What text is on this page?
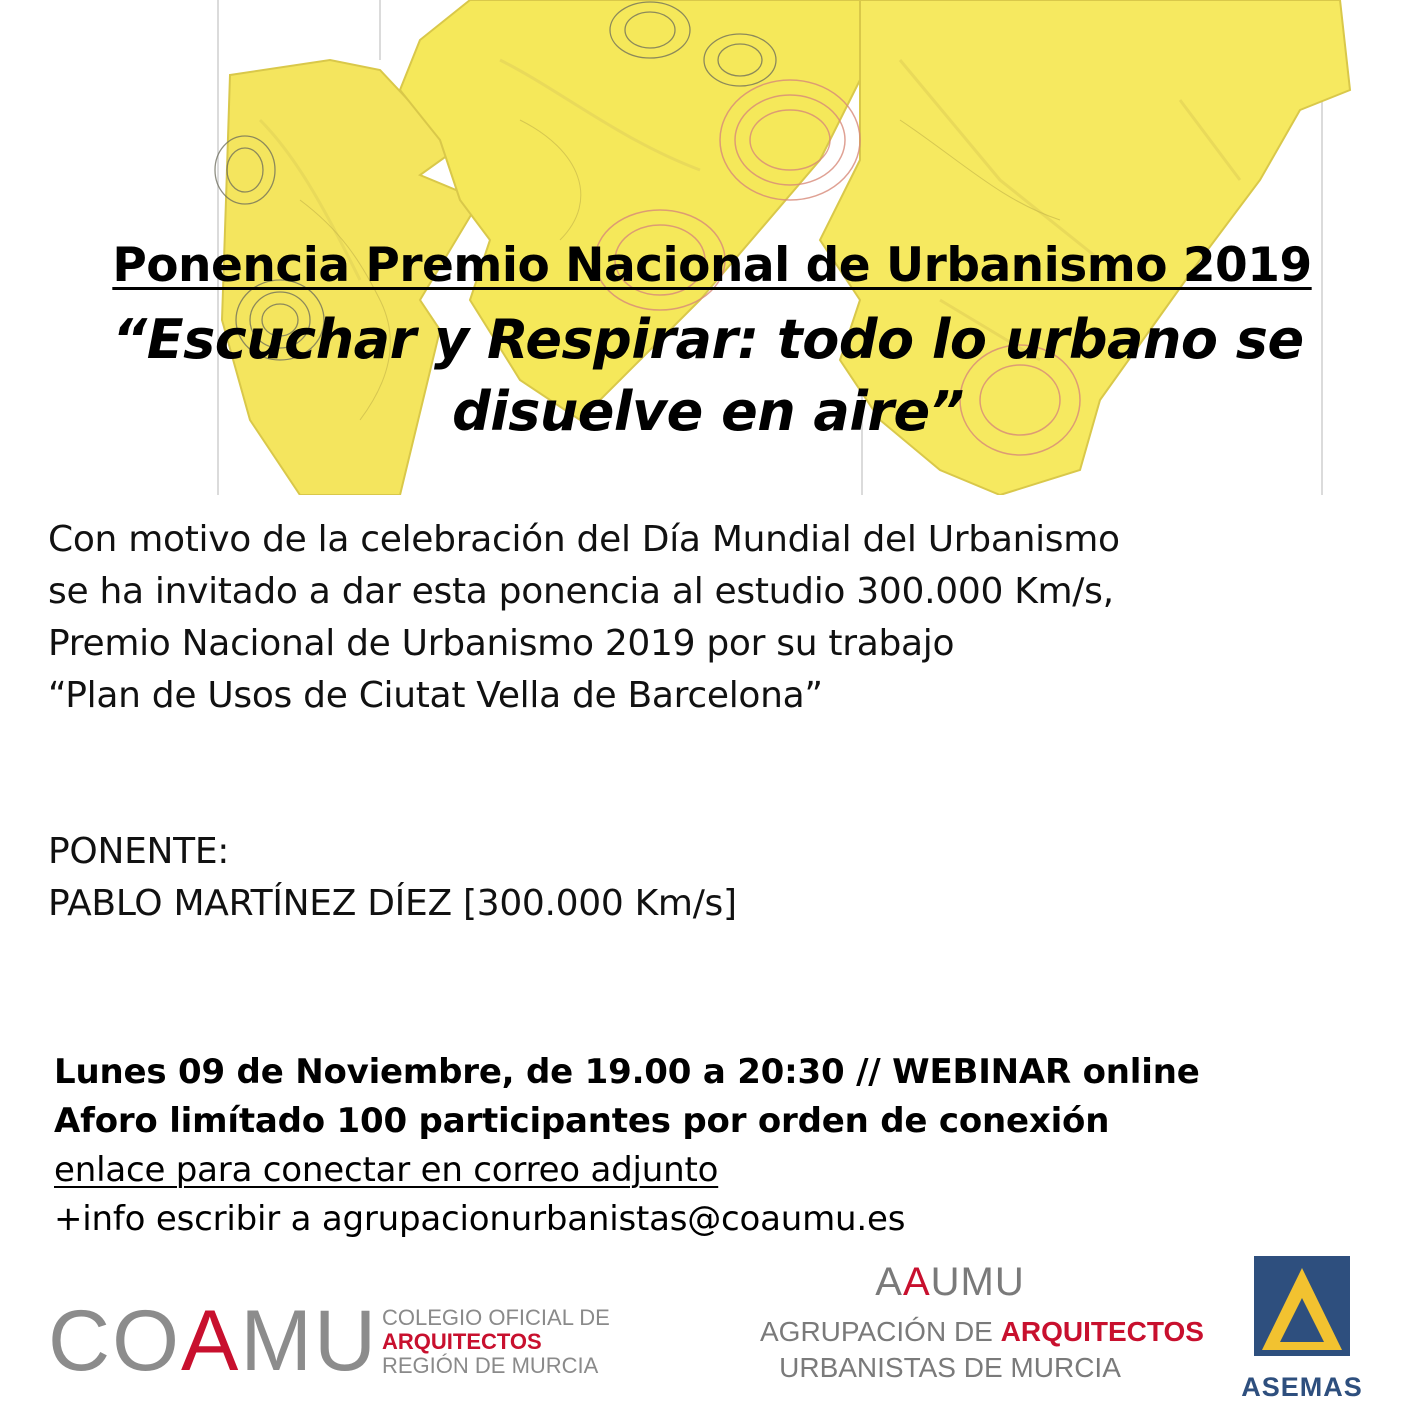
Ponencia Premio Nacional de Urbanismo 2019
“Escuchar y Respirar: todo lo urbano se
disuelve en aire”
Con motivo de la celebración del Día Mundial del Urbanismo
se ha invitado a dar esta ponencia al estudio 300.000 Km/s,
Premio Nacional de Urbanismo 2019 por su trabajo
“Plan de Usos de Ciutat Vella de Barcelona”
PONENTE:
PABLO MARTÍNEZ DÍEZ [300.000 Km/s]
Lunes 09 de Noviembre, de 19.00 a 20:30 // WEBINAR online
Aforo limítado 100 participantes por orden de conexión
enlace para conectar en correo adjunto
+info escribir a agrupacionurbanistas@coaumu.es
COAMU COLEGIO OFICIAL DE
ARQUITECTOS
REGIÓN DE MURCIA
AAUMU
AGRUPACIÓN DE ARQUITECTOS
URBANISTAS DE MURCIA
ASEMAS
